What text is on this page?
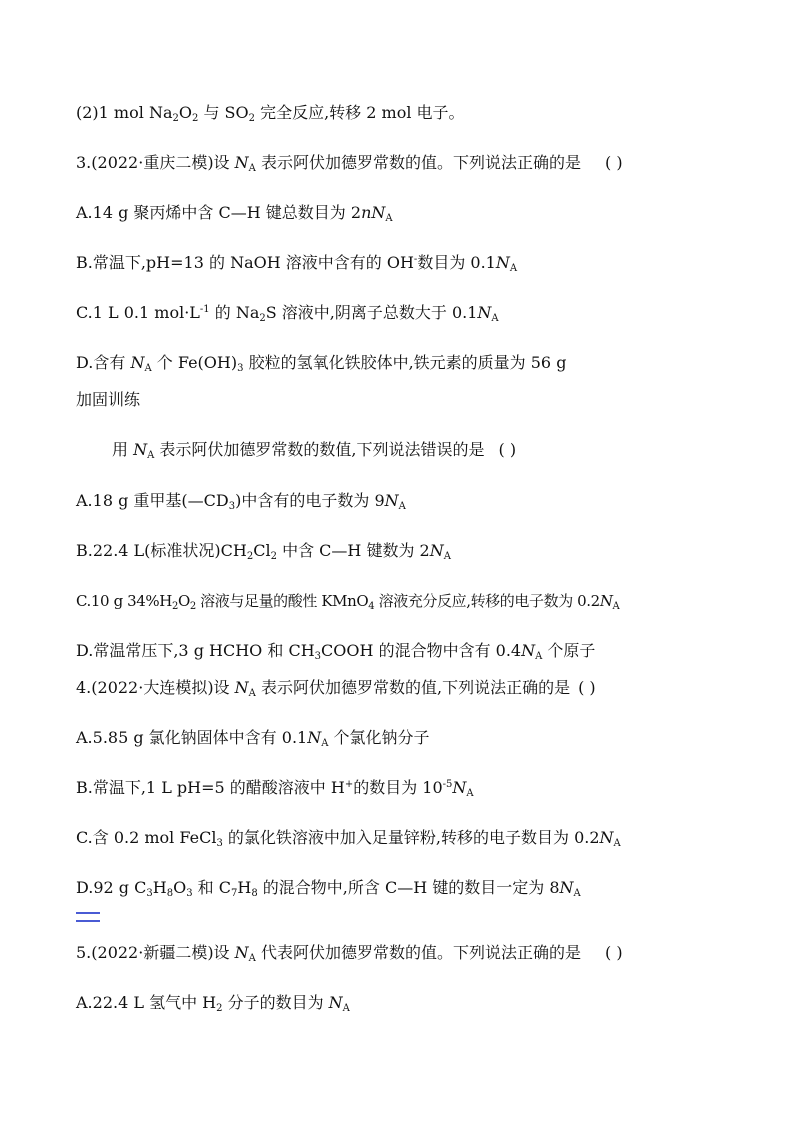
(2)1 mol $Na_2O_2$ 与 $SO_2$ 完全反应,转移 2 mol 电子。
3.(2022·重庆二模)设 $N_A$ 表示阿伏加德罗常数的值。下列说法正确的是 ( )
A.14 g 聚丙烯中含 C—H 键总数目为 $2nN_A$
B.常温下,pH=13 的 NaOH 溶液中含有的 OH-数目为 $0.1N_A$
C.1 L 0.1 $mol\cdot L^{-1}$ 的 $Na_2S$ 溶液中,阴离子总数大于 $0.1N_A$
D.含有 $N_A$ 个 $Fe(OH)_3$ 胶粒的氢氧化铁胶体中,铁元素的质量为 56 g
加固训练
用 $N_A$ 表示阿伏加德罗常数的数值,下列说法错误的是 ( )
A.18 g 重甲基$(—CD_3)$中含有的电子数为 $9N_A$
B.22.4 L(标准状况)$CH_2Cl_2$ 中含 C—H 键数为 $2N_A$
C.10 g $34\%H_2O_2$ 溶液与足量的酸性 KMnO$_4$ 溶液充分反应,转移的电子数为 $0.2N_A$
D.常温常压下,3 g HCHO 和 $CH_3COOH$ 的混合物中含有 $0.4N_A$ 个原子
4.(2022·大连模拟)设 $N_A$ 表示阿伏加德罗常数的值,下列说法正确的是 ( )
A.5.85 g 氯化钠固体中含有 $0.1N_A$ 个氯化钠分子
B.常温下,1 L pH=5 的醋酸溶液中 H+的数目为 $10^{-5}N_A$
C.含 0.2 mol FeCl$_3$ 的氯化铁溶液中加入足量锌粉,转移的电子数目为 $0.2N_A$
D.92 g $C_3H_8O_3$ 和 $C_7H_8$ 的混合物中,所含 C—H 键的数目一定为 $8N_A$
5.(2022·新疆二模)设 $N_A$ 代表阿伏加德罗常数的值。下列说法正确的是 ( )
A.22.4 L 氢气中 $H_2$ 分子的数目为 $N_A$
